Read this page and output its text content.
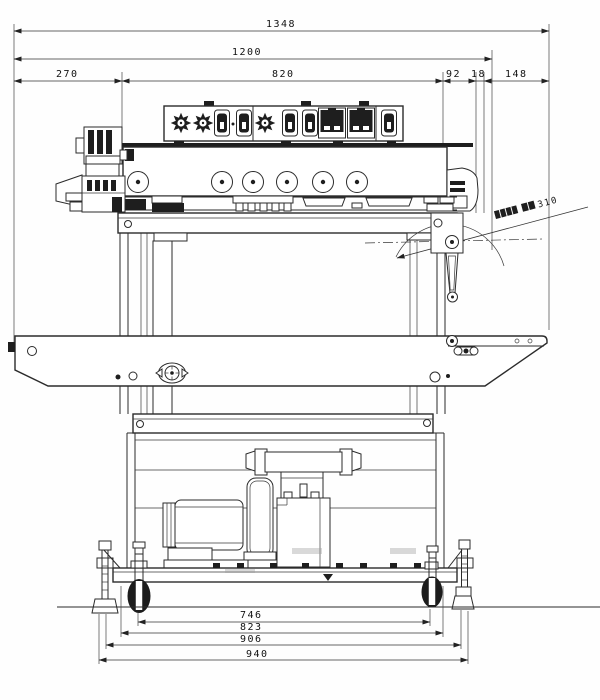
1348
1200
270	820	92 18 148
310
746
823
906
940
